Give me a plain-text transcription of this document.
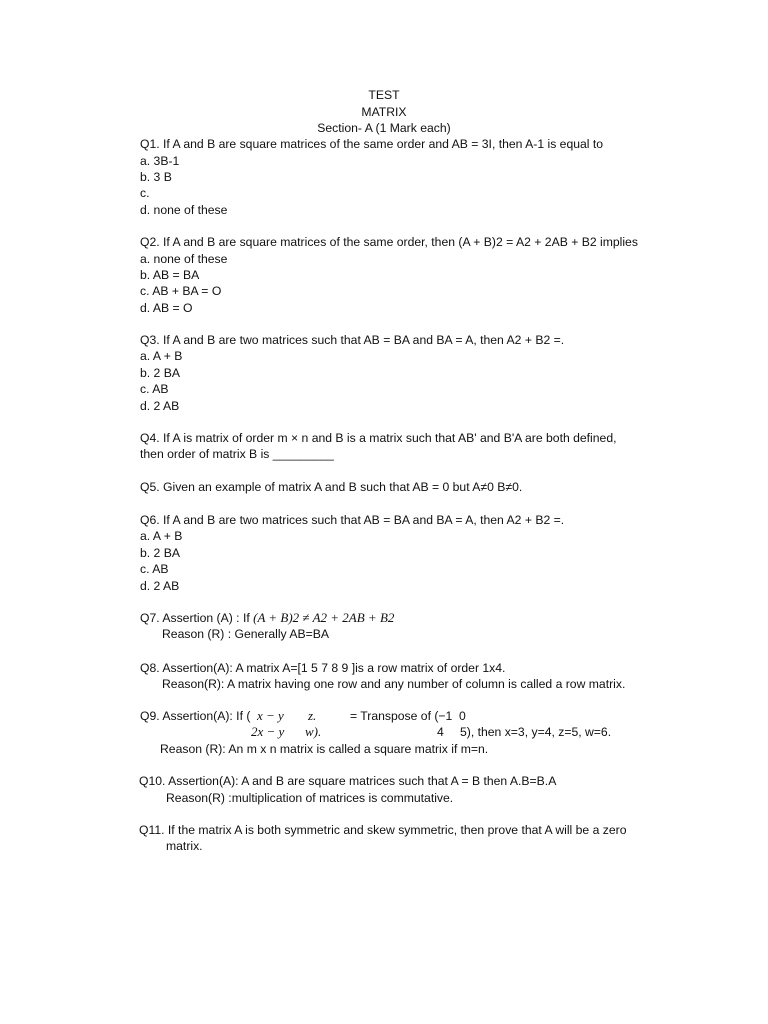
TEST
MATRIX
Section- A (1 Mark each)
Q1. If A and B are square matrices of the same order and AB = 3I, then A-1 is equal to
a. 3B-1
b. 3 B
c.
d. none of these
Q2. If A and B are square matrices of the same order, then (A + B)2 = A2 + 2AB + B2 implies
a. none of these
b. AB = BA
c. AB + BA = O
d. AB = O
Q3. If A and B are two matrices such that AB = BA and BA = A, then A2 + B2 =.
a. A + B
b. 2 BA
c. AB
d. 2 AB
Q4. If A is matrix of order m × n and B is a matrix such that AB' and B'A are both defined,
then order of matrix B is _________
Q5. Given an example of matrix A and B such that AB = 0 but A≠0 B≠0.
Q6. If A and B are two matrices such that AB = BA and BA = A, then A2 + B2 =.
a. A + B
b. 2 BA
c. AB
d. 2 AB
Q7. Assertion (A) : If (A + B)2 ≠ A2 + 2AB + B2
Reason (R) : Generally AB=BA
Q8. Assertion(A): A matrix A=[1 5 7 8 9 ]is a row matrix of order 1x4.
Reason(R): A matrix having one row and any number of column is called a row matrix.
Q9. Assertion(A): If ( x − y z.	= Transpose of (−1 0
2x − y w).	4 5), then x=3, y=4, z=5, w=6.
Reason (R): An m x n matrix is called a square matrix if m=n.
Q10. Assertion(A): A and B are square matrices such that A = B then A.B=B.A
Reason(R) :multiplication of matrices is commutative.
Q11. If the matrix A is both symmetric and skew symmetric, then prove that A will be a zero
matrix.
